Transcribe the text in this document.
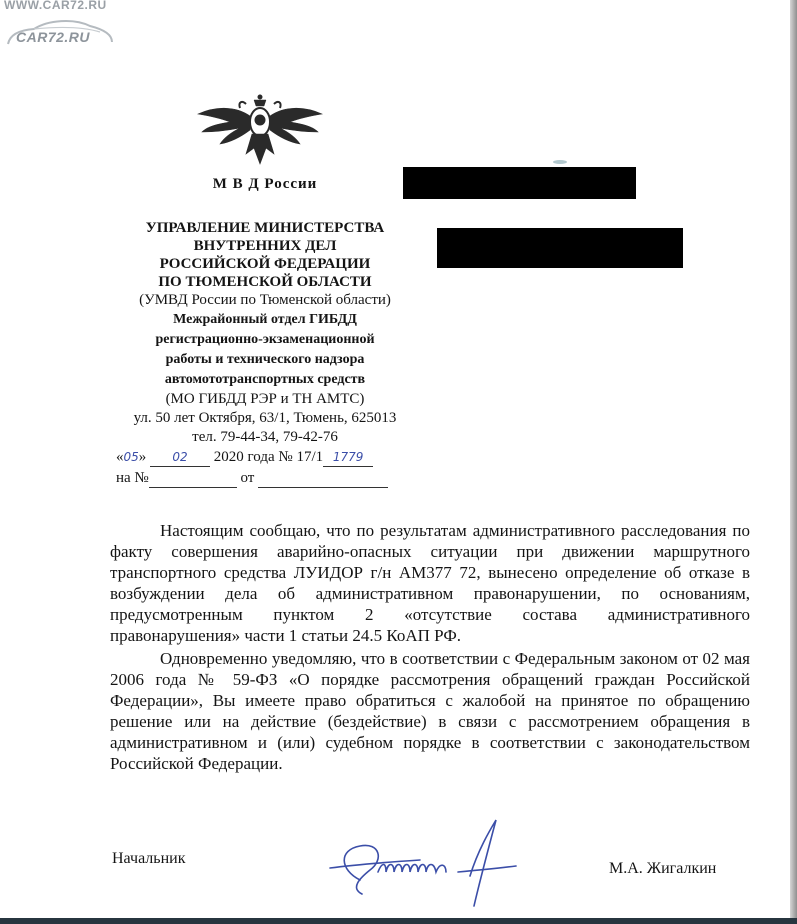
WWW.CAR72.RU
CAR72.RU
М В Д России
УПРАВЛЕНИЕ МИНИСТЕРСТВА
ВНУТРЕННИХ ДЕЛ
РОССИЙСКОЙ ФЕДЕРАЦИИ
ПО ТЮМЕНСКОЙ ОБЛАСТИ
(УМВД России по Тюменской области)
Межрайонный отдел ГИБДД
регистрационно-экзаменационной
работы и технического надзора
автомототранспортных средств
(МО ГИБДД РЭР и ТН АМТС)
ул. 50 лет Октября, 63/1, Тюмень, 625013
тел. 79-44-34, 79-42-76
«05» 02 2020 года № 17/1 1779
на №	от

Настоящим сообщаю, что по результатам административного расследования по факту совершения аварийно-опасных ситуации при движении маршрутного транспортного средства ЛУИДОР г/н АМ377 72, вынесено определение об отказе в возбуждении дела об административном правонарушении, по основаниям, предусмотренным пунктом 2 «отсутствие состава административного правонарушения» части 1 статьи 24.5 КоАП РФ.

Одновременно уведомляю, что в соответствии с Федеральным законом от 02 мая 2006 года № 59-ФЗ «О порядке рассмотрения обращений граждан Российской Федерации», Вы имеете право обратиться с жалобой на принятое по обращению решение или на действие (бездействие) в связи с рассмотрением обращения в административном и (или) судебном порядке в соответствии с законодательством Российской Федерации.

Начальник
М.А. Жигалкин
